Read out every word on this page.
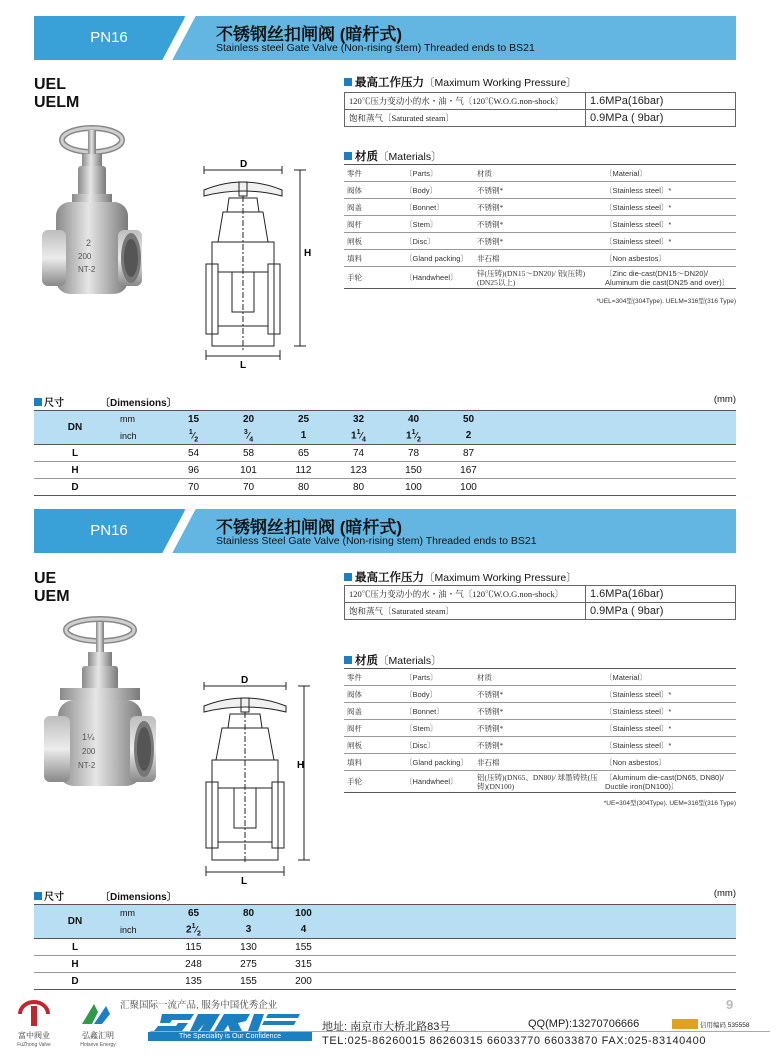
PN16	不锈钢丝扣闸阀 (暗杆式)
Stainless steel Gate Valve (Non-rising stem) Threaded ends to BS21
UEL
UELM
2
200
NT-2
D
H
L
最高工作压力〔Maximum Working Pressure〕
120℃压力变动小的水・油・气〔120℃W.O.G.non-shock〕	1.6MPa(16bar)
饱和蒸气〔Saturated steam〕	0.9MPa ( 9bar)
材质〔Materials〕
零件	〔Parts〕	材质	〔Material〕
阀体	〔Body〕	不锈钢*	〔Stainless steel〕*
阀盖	〔Bonnet〕	不锈钢*	〔Stainless steel〕*
阀杆	〔Stem〕	不锈钢*	〔Stainless steel〕*
闸板	〔Disc〕	不锈钢*	〔Stainless steel〕*
填料	〔Gland packing〕	非石棉	〔Non asbestos〕
手轮	〔Handwheel〕	锌(压铸)(DN15～DN20)/ 铝(压铸)(DN25以上)	〔Zinc die-cast(DN15～DN20)/ Aluminum die cast(DN25 and over)〕
*UEL=304型(304Type). UELM=316型(316 Type)
尺寸	〔Dimensions〕	(mm)
DN	mm	15	20	25	32	40	50	
	inch	$^1⁄_2$	$^3⁄_4$	1	$1^1⁄_4$	$1^1⁄_2$	2	
L		54	58	65	74	78	87	
H		96	101	112	123	150	167	
D		70	70	80	80	100	100	
PN16	不锈钢丝扣闸阀 (暗杆式)
Stainless Steel Gate Valve (Non-rising stem) Threaded ends to BS21
UE
UEM
1¼
200
NT-2
D
H
L
最高工作压力〔Maximum Working Pressure〕
120℃压力变动小的水・油・气〔120℃W.O.G.non-shock〕	1.6MPa(16bar)
饱和蒸气〔Saturated steam〕	0.9MPa ( 9bar)
材质〔Materials〕
零件	〔Parts〕	材质	〔Material〕
阀体	〔Body〕	不锈钢*	〔Stainless steel〕*
阀盖	〔Bonnet〕	不锈钢*	〔Stainless steel〕*
阀杆	〔Stem〕	不锈钢*	〔Stainless steel〕*
闸板	〔Disc〕	不锈钢*	〔Stainless steel〕*
填料	〔Gland packing〕	非石棉	〔Non asbestos〕
手轮	〔Handwheel〕	铝(压铸)(DN65、DN80)/ 球墨铸铁(压铸)(DN100)	〔Aluminum die-cast(DN65, DN80)/ Ductile iron(DN100)〕
*UE=304型(304Type). UEM=316型(316 Type)
尺寸	〔Dimensions〕	(mm)
DN	mm	65	80	100	
	inch	$2^1⁄_2$	3	4	
L		115	130	155	
H		248	275	315	
D		135	155	200	
富中阀业
FuZhong Valve
弘鑫汇明
Hotseve Energy
汇聚国际一流产品, 服务中国优秀企业
The Speciality is Our Confidence
9
地址: 南京市大桥北路83号	QQ(MP):13270706666	信用编码 535558
TEL:025-86260015 86260315 66033770 66033870 FAX:025-83140400
